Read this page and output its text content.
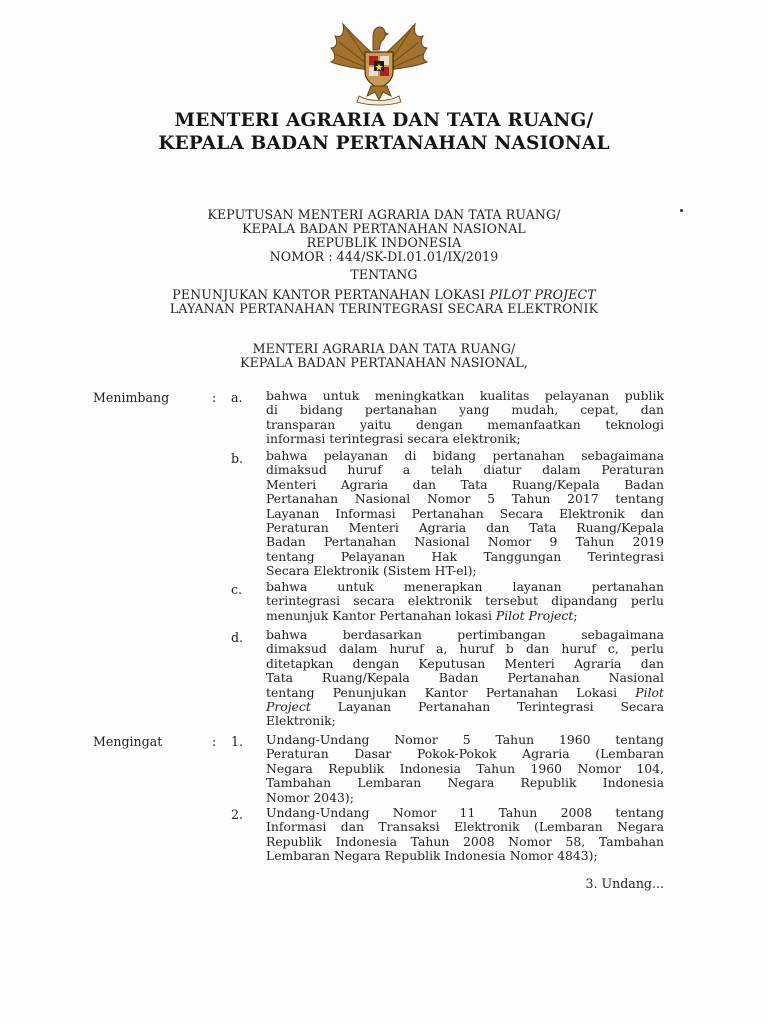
MENTERI AGRARIA DAN TATA RUANG/
KEPALA BADAN PERTANAHAN NASIONAL
KEPUTUSAN MENTERI AGRARIA DAN TATA RUANG/
KEPALA BADAN PERTANAHAN NASIONAL
REPUBLIK INDONESIA
NOMOR : 444/SK-DI.01.01/IX/2019
TENTANG
PENUNJUKAN KANTOR PERTANAHAN LOKASI PILOT PROJECT
LAYANAN PERTANAHAN TERINTEGRASI SECARA ELEKTRONIK
MENTERI AGRARIA DAN TATA RUANG/
KEPALA BADAN PERTANAHAN NASIONAL,
Menimbang	: a. bahwa untuk meningkatkan kualitas pelayanan publik
di bidang pertanahan yang mudah, cepat, dan
transparan yaitu dengan memanfaatkan teknologi
informasi terintegrasi secara elektronik;
b. bahwa pelayanan di bidang pertanahan sebagaimana
dimaksud huruf a telah diatur dalam Peraturan
Menteri Agraria dan Tata Ruang/Kepala Badan
Pertanahan Nasional Nomor 5 Tahun 2017 tentang
Layanan Informasi Pertanahan Secara Elektronik dan
Peraturan Menteri Agraria dan Tata Ruang/Kepala
Badan Pertanahan Nasional Nomor 9 Tahun 2019
tentang Pelayanan Hak Tanggungan Terintegrasi
Secara Elektronik (Sistem HT-el);
c. bahwa untuk menerapkan layanan pertanahan
terintegrasi secara elektronik tersebut dipandang perlu
menunjuk Kantor Pertanahan lokasi Pilot Project;
d. bahwa berdasarkan pertimbangan sebagaimana
dimaksud dalam huruf a, huruf b dan huruf c, perlu
ditetapkan dengan Keputusan Menteri Agraria dan
Tata Ruang/Kepala Badan Pertanahan Nasional
tentang Penunjukan Kantor Pertanahan Lokasi Pilot
Project Layanan Pertanahan Terintegrasi Secara
Elektronik;
Mengingat	: 1. Undang-Undang Nomor 5 Tahun 1960 tentang
Peraturan Dasar Pokok-Pokok Agraria (Lembaran
Negara Republik Indonesia Tahun 1960 Nomor 104,
Tambahan Lembaran Negara Republik Indonesia
Nomor 2043);
2. Undang-Undang Nomor 11 Tahun 2008 tentang
Informasi dan Transaksi Elektronik (Lembaran Negara
Republik Indonesia Tahun 2008 Nomor 58, Tambahan
Lembaran Negara Republik Indonesia Nomor 4843);
3. Undang...
